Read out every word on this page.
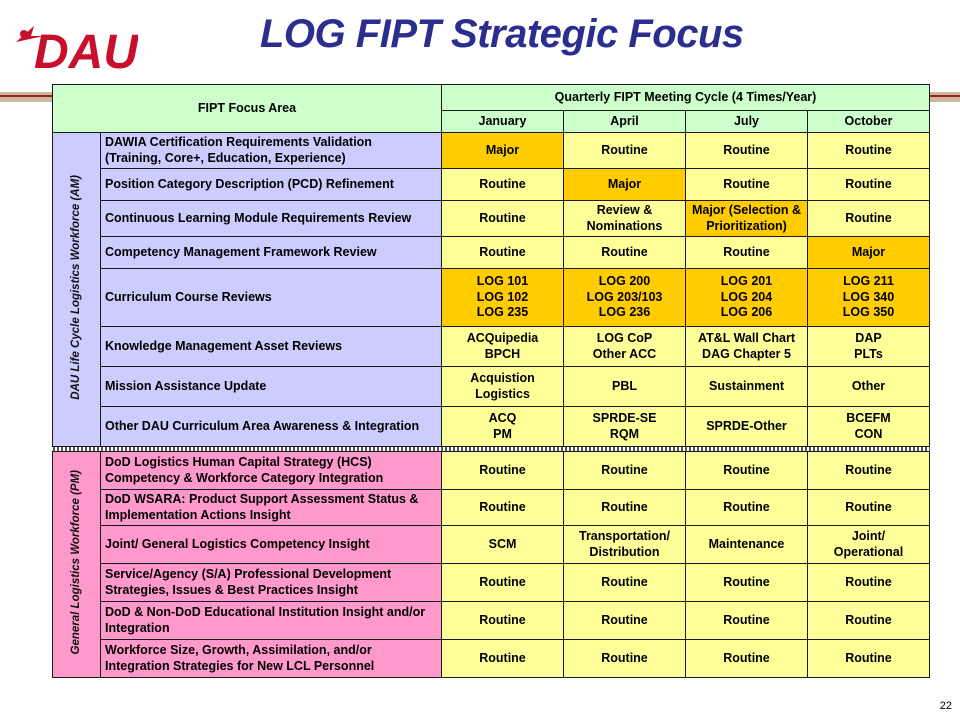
DAU	LOG FIPT Strategic Focus
FIPT Focus Area		Quarterly FIPT Meeting Cycle (4 Times/Year)			
		January	April	July	October
DAU Life Cycle Logistics Workforce (AM)	DAWIA Certification Requirements Validation
(Training, Core+, Education, Experience)	Major	Routine	Routine	Routine

	Position Category Description (PCD) Refinement	Routine	Major	Routine	Routine

	Continuous Learning Module Requirements Review	Routine	Review &
Nominations	Major (Selection &
Prioritization)	Routine

	Competency Management Framework Review	Routine	Routine	Routine	Major

	Curriculum Course Reviews	LOG 101
LOG 102
LOG 235	LOG 200
LOG 203/103
LOG 236	LOG 201
LOG 204
LOG 206	LOG 211
LOG 340
LOG 350

	Knowledge Management Asset Reviews	ACQuipedia
BPCH	LOG CoP
Other ACC	AT&L Wall Chart
DAG Chapter 5	DAP
PLTs

	Mission Assistance Update	Acquistion
Logistics	PBL	Sustainment	Other

	Other DAU Curriculum Area Awareness & Integration	ACQ
PM	SPRDE-SE
RQM	SPRDE-Other	BCEFM
CON

General Logistics Workforce (PM)	DoD Logistics Human Capital Strategy (HCS)
Competency & Workforce Category Integration	Routine	Routine	Routine	Routine

	DoD WSARA: Product Support Assessment Status &
Implementation Actions Insight	Routine	Routine	Routine	Routine

	Joint/ General Logistics Competency Insight	SCM	Transportation/
Distribution	Maintenance	Joint/
Operational

	Service/Agency (S/A) Professional Development
Strategies, Issues & Best Practices Insight	Routine	Routine	Routine	Routine

	DoD & Non-DoD Educational Institution Insight and/or
Integration	Routine	Routine	Routine	Routine

	Workforce Size, Growth, Assimilation, and/or
Integration Strategies for New LCL Personnel	Routine	Routine	Routine	Routine
22
